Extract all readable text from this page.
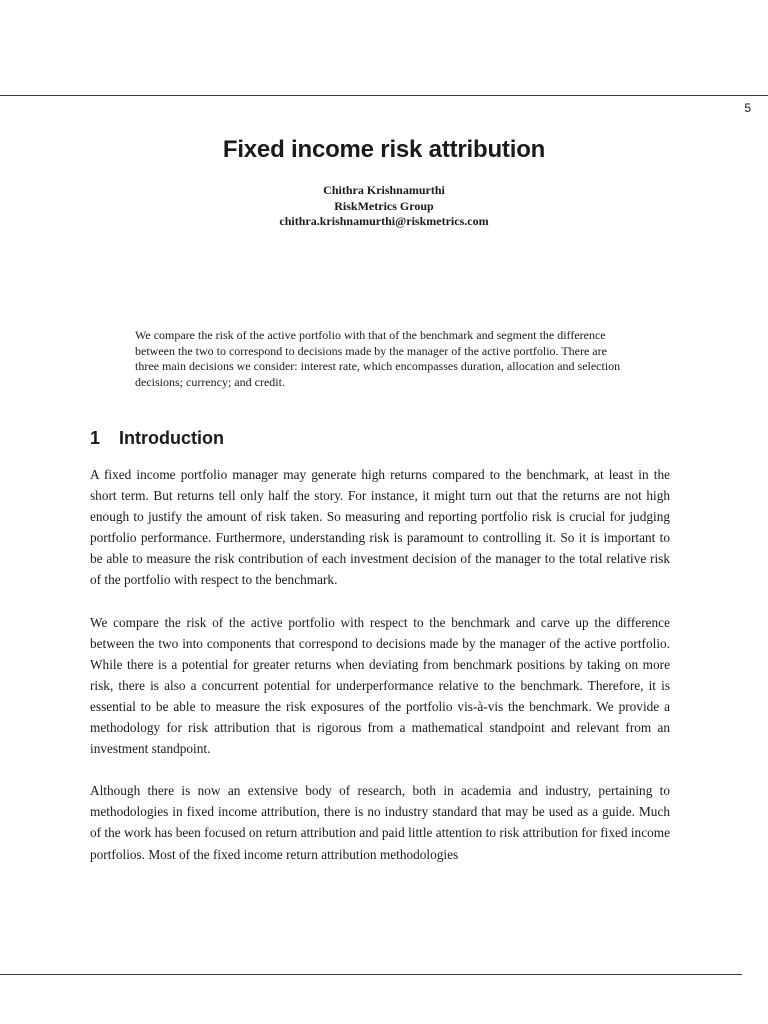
5
Fixed income risk attribution
Chithra Krishnamurthi
RiskMetrics Group
chithra.krishnamurthi@riskmetrics.com

We compare the risk of the active portfolio with that of the benchmark and segment the difference between the two to correspond to decisions made by the manager of the active portfolio. There are three main decisions we consider: interest rate, which encompasses duration, allocation and selection decisions; currency; and credit.

1 Introduction

A fixed income portfolio manager may generate high returns compared to the benchmark, at least in the short term. But returns tell only half the story. For instance, it might turn out that the returns are not high enough to justify the amount of risk taken. So measuring and reporting portfolio risk is crucial for judging portfolio performance. Furthermore, understanding risk is paramount to controlling it. So it is important to be able to measure the risk contribution of each investment decision of the manager to the total relative risk of the portfolio with respect to the benchmark.

We compare the risk of the active portfolio with respect to the benchmark and carve up the difference between the two into components that correspond to decisions made by the manager of the active portfolio. While there is a potential for greater returns when deviating from benchmark positions by taking on more risk, there is also a concurrent potential for underperformance relative to the benchmark. Therefore, it is essential to be able to measure the risk exposures of the portfolio vis-à-vis the benchmark. We provide a methodology for risk attribution that is rigorous from a mathematical standpoint and relevant from an investment standpoint.

Although there is now an extensive body of research, both in academia and industry, pertaining to methodologies in fixed income attribution, there is no industry standard that may be used as a guide. Much of the work has been focused on return attribution and paid little attention to risk attribution for fixed income portfolios. Most of the fixed income return attribution methodologies
